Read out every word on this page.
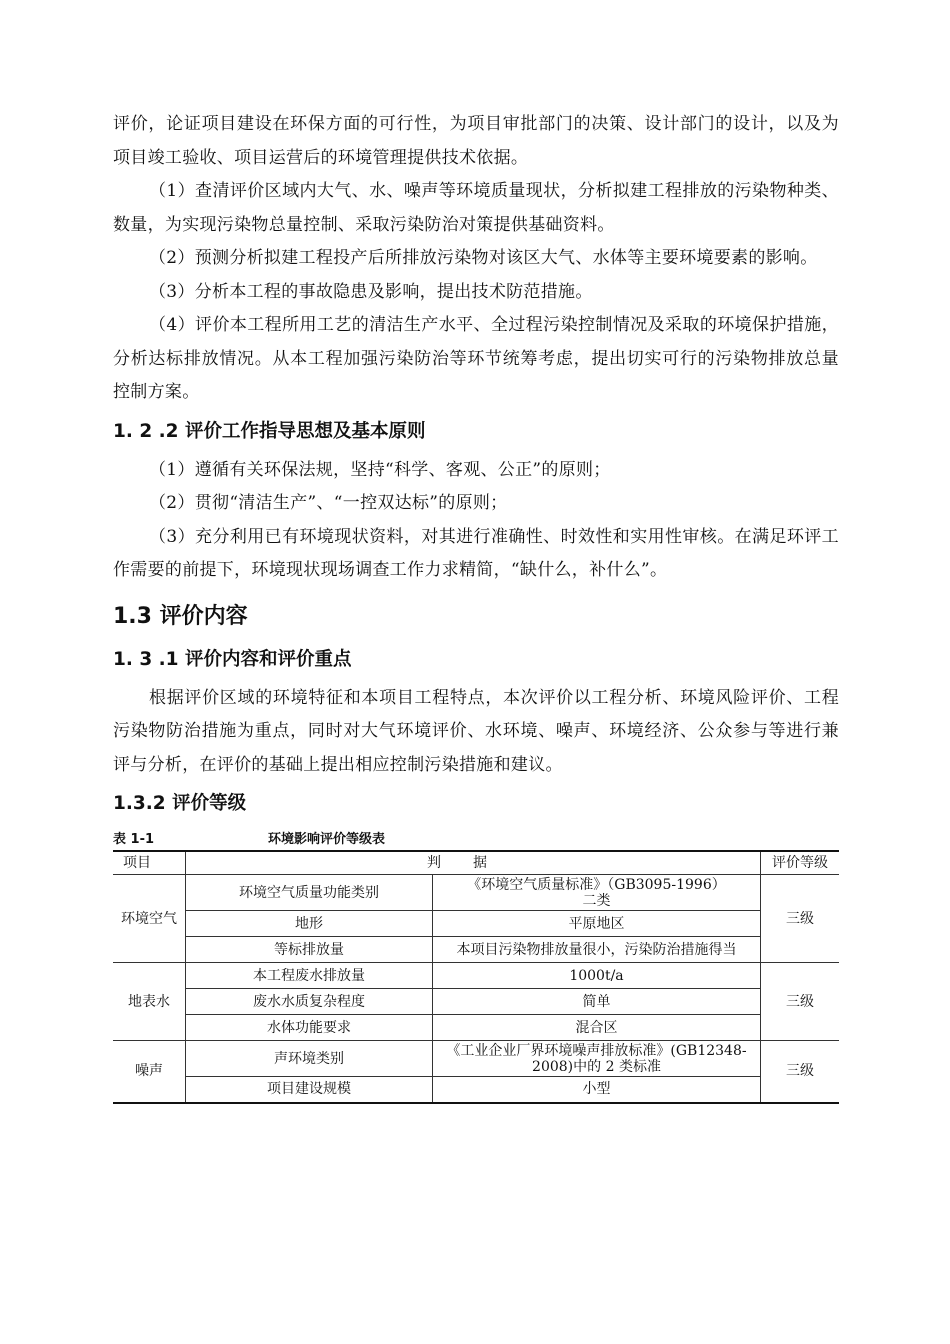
评价，论证项目建设在环保方面的可行性，为项目审批部门的决策、设计部门的设计，以及为项目竣工验收、项目运营后的环境管理提供技术依据。

（1）查清评价区域内大气、水、噪声等环境质量现状，分析拟建工程排放的污染物种类、数量，为实现污染物总量控制、采取污染防治对策提供基础资料。

（2）预测分析拟建工程投产后所排放污染物对该区大气、水体等主要环境要素的影响。

（3）分析本工程的事故隐患及影响，提出技术防范措施。

（4）评价本工程所用工艺的清洁生产水平、全过程污染控制情况及采取的环境保护措施，分析达标排放情况。从本工程加强污染防治等环节统筹考虑，提出切实可行的污染物排放总量控制方案。

1. 2 .2 评价工作指导思想及基本原则

（1）遵循有关环保法规，坚持“科学、客观、公正”的原则；

（2）贯彻“清洁生产”、“一控双达标”的原则；

（3）充分利用已有环境现状资料，对其进行准确性、时效性和实用性审核。在满足环评工作需要的前提下，环境现状现场调查工作力求精简，“缺什么，补什么”。

1.3 评价内容
1. 3 .1 评价内容和评价重点

根据评价区域的环境特征和本项目工程特点，本次评价以工程分析、环境风险评价、工程污染物防治措施为重点，同时对大气环境评价、水环境、噪声、环境经济、公众参与等进行兼评与分析，在评价的基础上提出相应控制污染措施和建议。

1.3.2 评价等级
表 1-1	环境影响评价等级表
项目	判据		评价等级
环境空气	环境空气质量功能类别	《环境空气质量标准》（GB3095-1996）二类	三级
	地形	平原地区	
	等标排放量	本项目污染物排放量很小，污染防治措施得当	
地表水	本工程废水排放量	1000t/a	三级
	废水水质复杂程度	简单	
	水体功能要求	混合区	
噪声	声环境类别	《工业企业厂界环境噪声排放标准》(GB12348-2008)中的 2 类标准	三级
	项目建设规模	小型	
